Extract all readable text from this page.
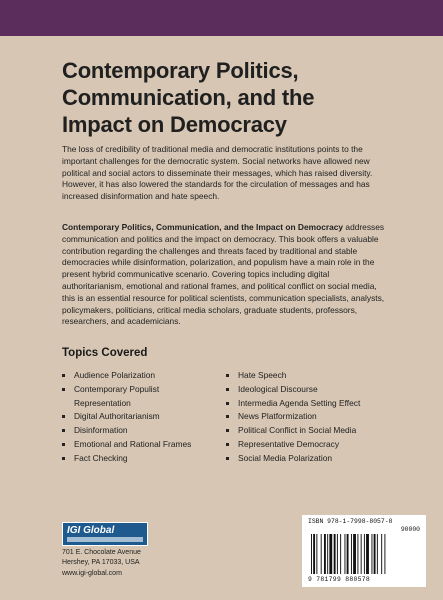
Contemporary Politics,
Communication, and the
Impact on Democracy

The loss of credibility of traditional media and democratic institutions points to the important challenges for the democratic system. Social networks have allowed new political and social actors to disseminate their messages, which has raised diversity. However, it has also lowered the standards for the circulation of messages and has increased disinformation and hate speech.

Contemporary Politics, Communication, and the Impact on Democracy addresses communication and politics and the impact on democracy. This book offers a valuable contribution regarding the challenges and threats faced by traditional and stable democracies while disinformation, polarization, and populism have a main role in the present hybrid communicative scenario. Covering topics including digital authoritarianism, emotional and rational frames, and political conflict on social media, this is an essential resource for political scientists, communication specialists, analysts, policymakers, politicians, critical media scholars, graduate students, professors, researchers, and academicians.

Topics Covered
Audience Polarization
Contemporary Populist Representation
Digital Authoritarianism
Disinformation
Emotional and Rational Frames
Fact Checking
Hate Speech
Ideological Discourse
Intermedia Agenda Setting Effect
News Platformization
Political Conflict in Social Media
Representative Democracy
Social Media Polarization
IGI Global
701 E. Chocolate Avenue
Hershey, PA 17033, USA
www.igi-global.com
ISBN 978-1-7998-8057-8
90000
9 781799 880578
